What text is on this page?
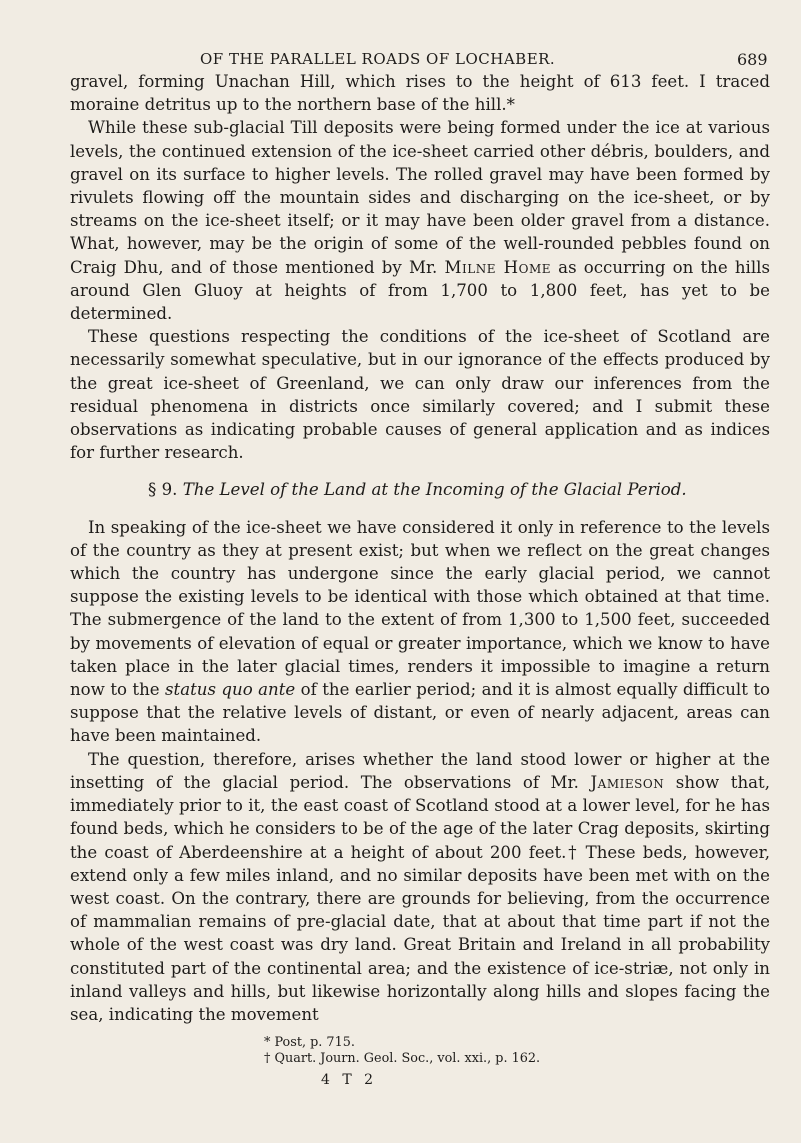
OF THE PARALLEL ROADS OF LOCHABER.	689

gravel, forming Unachan Hill, which rises to the height of 613 feet. I traced moraine detritus up to the northern base of the hill.*

While these sub-glacial Till deposits were being formed under the ice at various levels, the continued extension of the ice-sheet carried other débris, boulders, and gravel on its surface to higher levels. The rolled gravel may have been formed by rivulets flowing off the mountain sides and discharging on the ice-sheet, or by streams on the ice-sheet itself; or it may have been older gravel from a distance. What, however, may be the origin of some of the well-rounded pebbles found on Craig Dhu, and of those mentioned by Mr. Milne Home as occurring on the hills around Glen Gluoy at heights of from 1,700 to 1,800 feet, has yet to be determined.

These questions respecting the conditions of the ice-sheet of Scotland are necessarily somewhat speculative, but in our ignorance of the effects produced by the great ice-sheet of Greenland, we can only draw our inferences from the residual phenomena in districts once similarly covered; and I submit these observations as indicating probable causes of general application and as indices for further research.

§ 9. The Level of the Land at the Incoming of the Glacial Period.

In speaking of the ice-sheet we have considered it only in reference to the levels of the country as they at present exist; but when we reflect on the great changes which the country has undergone since the early glacial period, we cannot suppose the existing levels to be identical with those which obtained at that time. The submergence of the land to the extent of from 1,300 to 1,500 feet, succeeded by movements of elevation of equal or greater importance, which we know to have taken place in the later glacial times, renders it impossible to imagine a return now to the status quo ante of the earlier period; and it is almost equally difficult to suppose that the relative levels of distant, or even of nearly adjacent, areas can have been maintained.

The question, therefore, arises whether the land stood lower or higher at the insetting of the glacial period. The observations of Mr. Jamieson show that, immediately prior to it, the east coast of Scotland stood at a lower level, for he has found beds, which he considers to be of the age of the later Crag deposits, skirting the coast of Aberdeenshire at a height of about 200 feet.† These beds, however, extend only a few miles inland, and no similar deposits have been met with on the west coast. On the contrary, there are grounds for believing, from the occurrence of mammalian remains of pre-glacial date, that at about that time part if not the whole of the west coast was dry land. Great Britain and Ireland in all probability constituted part of the continental area; and the existence of ice-striæ, not only in inland valleys and hills, but likewise horizontally along hills and slopes facing the sea, indicating the movement

* Post, p. 715.
† Quart. Journ. Geol. Soc., vol. xxi., p. 162.
4 T 2
